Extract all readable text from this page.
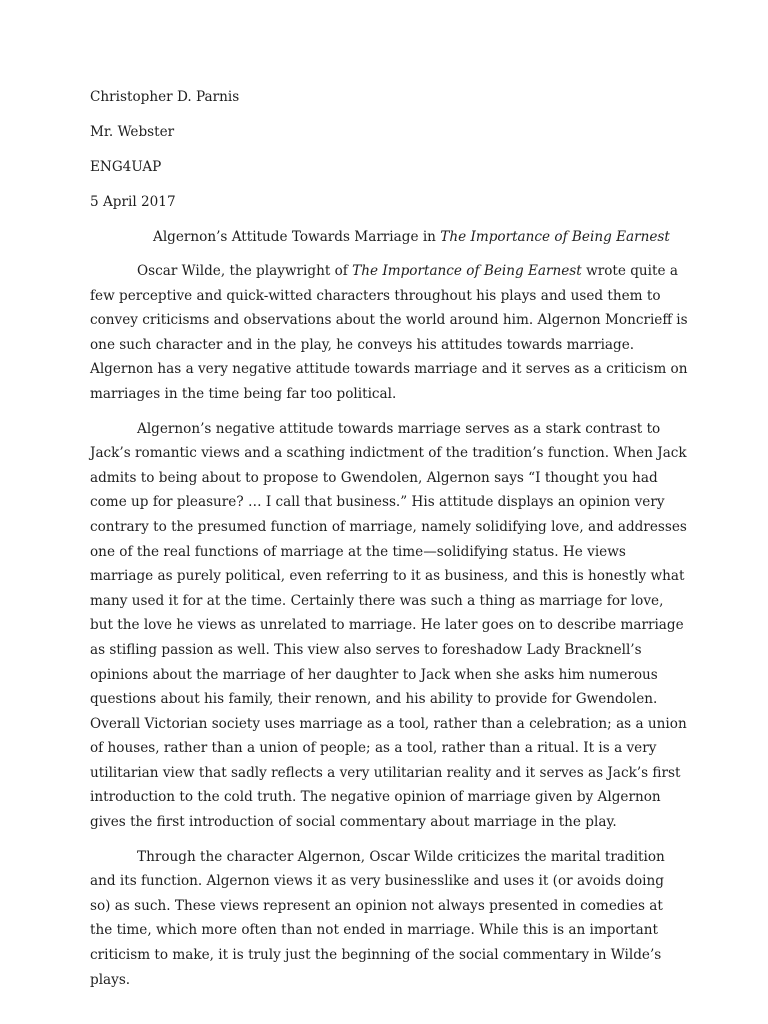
Christopher D. Parnis

Mr. Webster

ENG4UAP

5 April 2017

Algernon’s Attitude Towards Marriage in The Importance of Being Earnest

Oscar Wilde, the playwright of The Importance of Being Earnest wrote quite a few perceptive and quick-witted characters throughout his plays and used them to convey criticisms and observations about the world around him. Algernon Moncrieff is one such character and in the play, he conveys his attitudes towards marriage. Algernon has a very negative attitude towards marriage and it serves as a criticism on marriages in the time being far too political.

Algernon’s negative attitude towards marriage serves as a stark contrast to Jack’s romantic views and a scathing indictment of the tradition’s function. When Jack admits to being about to propose to Gwendolen, Algernon says “I thought you had come up for pleasure? … I call that business.” His attitude displays an opinion very contrary to the presumed function of marriage, namely solidifying love, and addresses one of the real functions of marriage at the time—solidifying status. He views marriage as purely political, even referring to it as business, and this is honestly what many used it for at the time. Certainly there was such a thing as marriage for love, but the love he views as unrelated to marriage. He later goes on to describe marriage as stifling passion as well. This view also serves to foreshadow Lady Bracknell’s opinions about the marriage of her daughter to Jack when she asks him numerous questions about his family, their renown, and his ability to provide for Gwendolen. Overall Victorian society uses marriage as a tool, rather than a celebration; as a union of houses, rather than a union of people; as a tool, rather than a ritual. It is a very utilitarian view that sadly reflects a very utilitarian reality and it serves as Jack’s first introduction to the cold truth. The negative opinion of marriage given by Algernon gives the first introduction of social commentary about marriage in the play.

Through the character Algernon, Oscar Wilde criticizes the marital tradition and its function. Algernon views it as very businesslike and uses it (or avoids doing so) as such. These views represent an opinion not always presented in comedies at the time, which more often than not ended in marriage. While this is an important criticism to make, it is truly just the beginning of the social commentary in Wilde’s plays.
